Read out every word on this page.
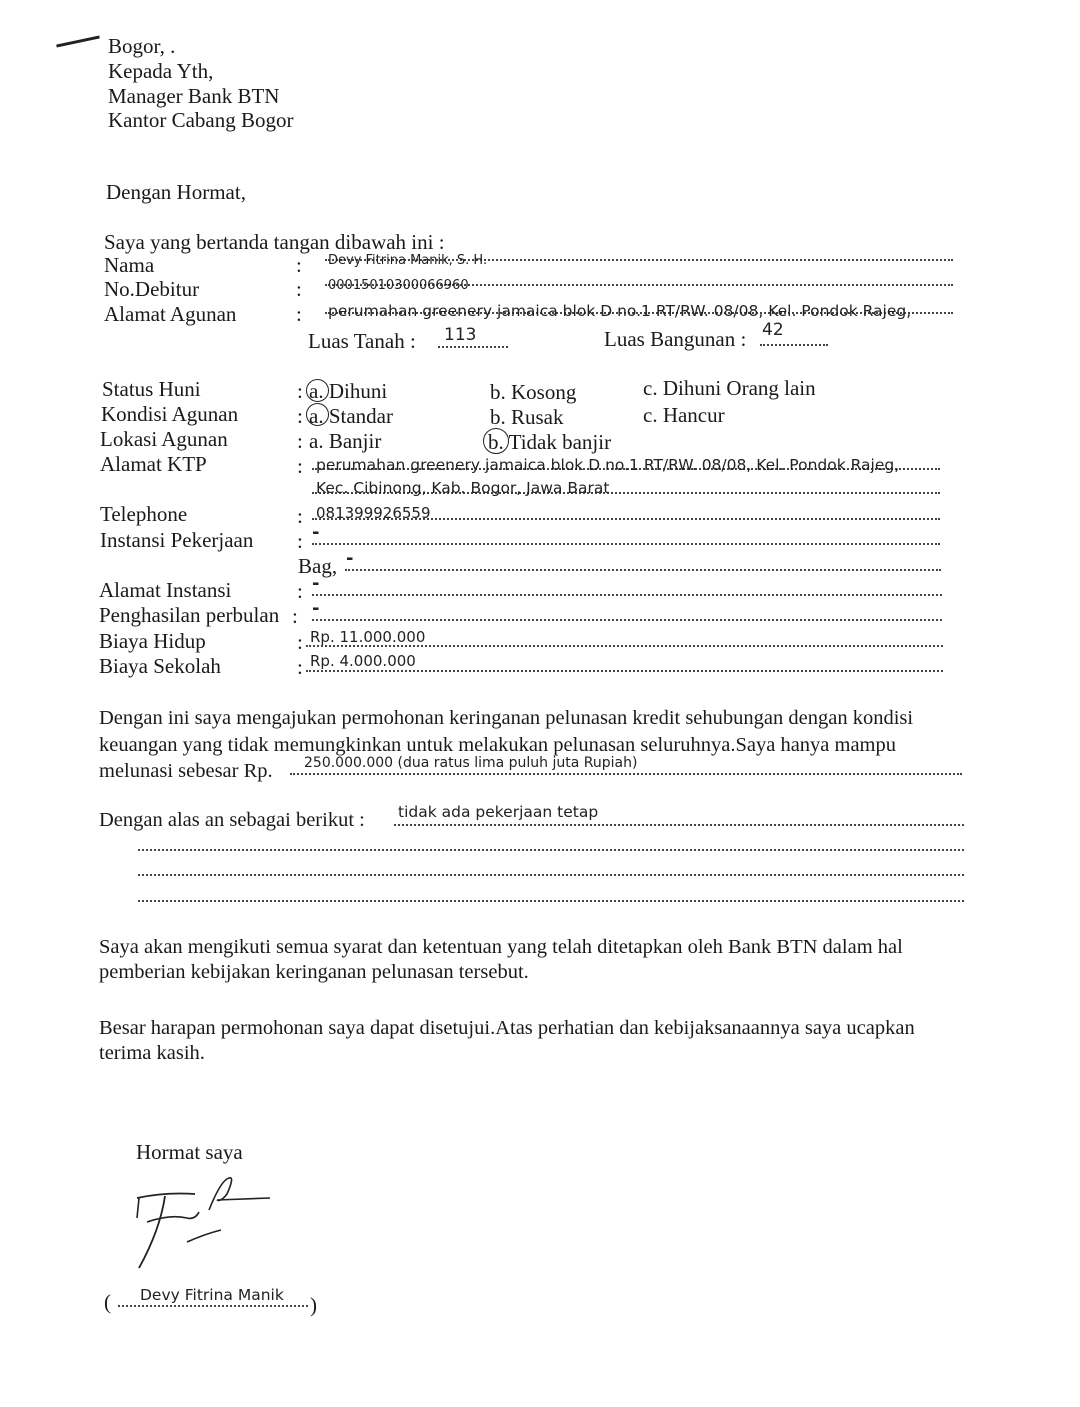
Bogor, .
Kepada Yth,
Manager Bank BTN
Kantor Cabang Bogor
Dengan Hormat,
Saya yang bertanda tangan dibawah ini :
Nama	: Devy Fitrina Manik, S. H.
No.Debitur	: 00015010300066960
Alamat Agunan	: perumahan greenery jamaica blok D no.1 RT/RW. 08/08, Kel. Pondok Rajeg,
Luas Tanah : 113	Luas Bangunan : 42
Status Huni	: a. Dihuni	b. Kosong	c. Dihuni Orang lain
Kondisi Agunan	: a. Standar	b. Rusak	c. Hancur
Lokasi Agunan	: a. Banjir	b. Tidak banjir
Alamat KTP	: perumahan greenery jamaica blok D no.1 RT/RW. 08/08, Kel. Pondok Rajeg,
Kec. Cibinong, Kab. Bogor, Jawa Barat
Telephone	: 081399926559
Instansi Pekerjaan : -
Bag, -
Alamat Instansi	: -
Penghasilan perbulan : -
Biaya Hidup	: Rp. 11.000.000
Biaya Sekolah	: Rp. 4.000.000
Dengan ini saya mengajukan permohonan keringanan pelunasan kredit sehubungan dengan kondisi
keuangan yang tidak memungkinkan untuk melakukan pelunasan seluruhnya.Saya hanya mampu
melunasi sebesar Rp. 250.000.000 (dua ratus lima puluh juta Rupiah)
Dengan alas an sebagai berikut : tidak ada pekerjaan tetap
Saya akan mengikuti semua syarat dan ketentuan yang telah ditetapkan oleh Bank BTN dalam hal
pemberian kebijakan keringanan pelunasan tersebut.
Besar harapan permohonan saya dapat disetujui.Atas perhatian dan kebijaksanaannya saya ucapkan
terima kasih.
Hormat saya
( Devy Fitrina Manik )
